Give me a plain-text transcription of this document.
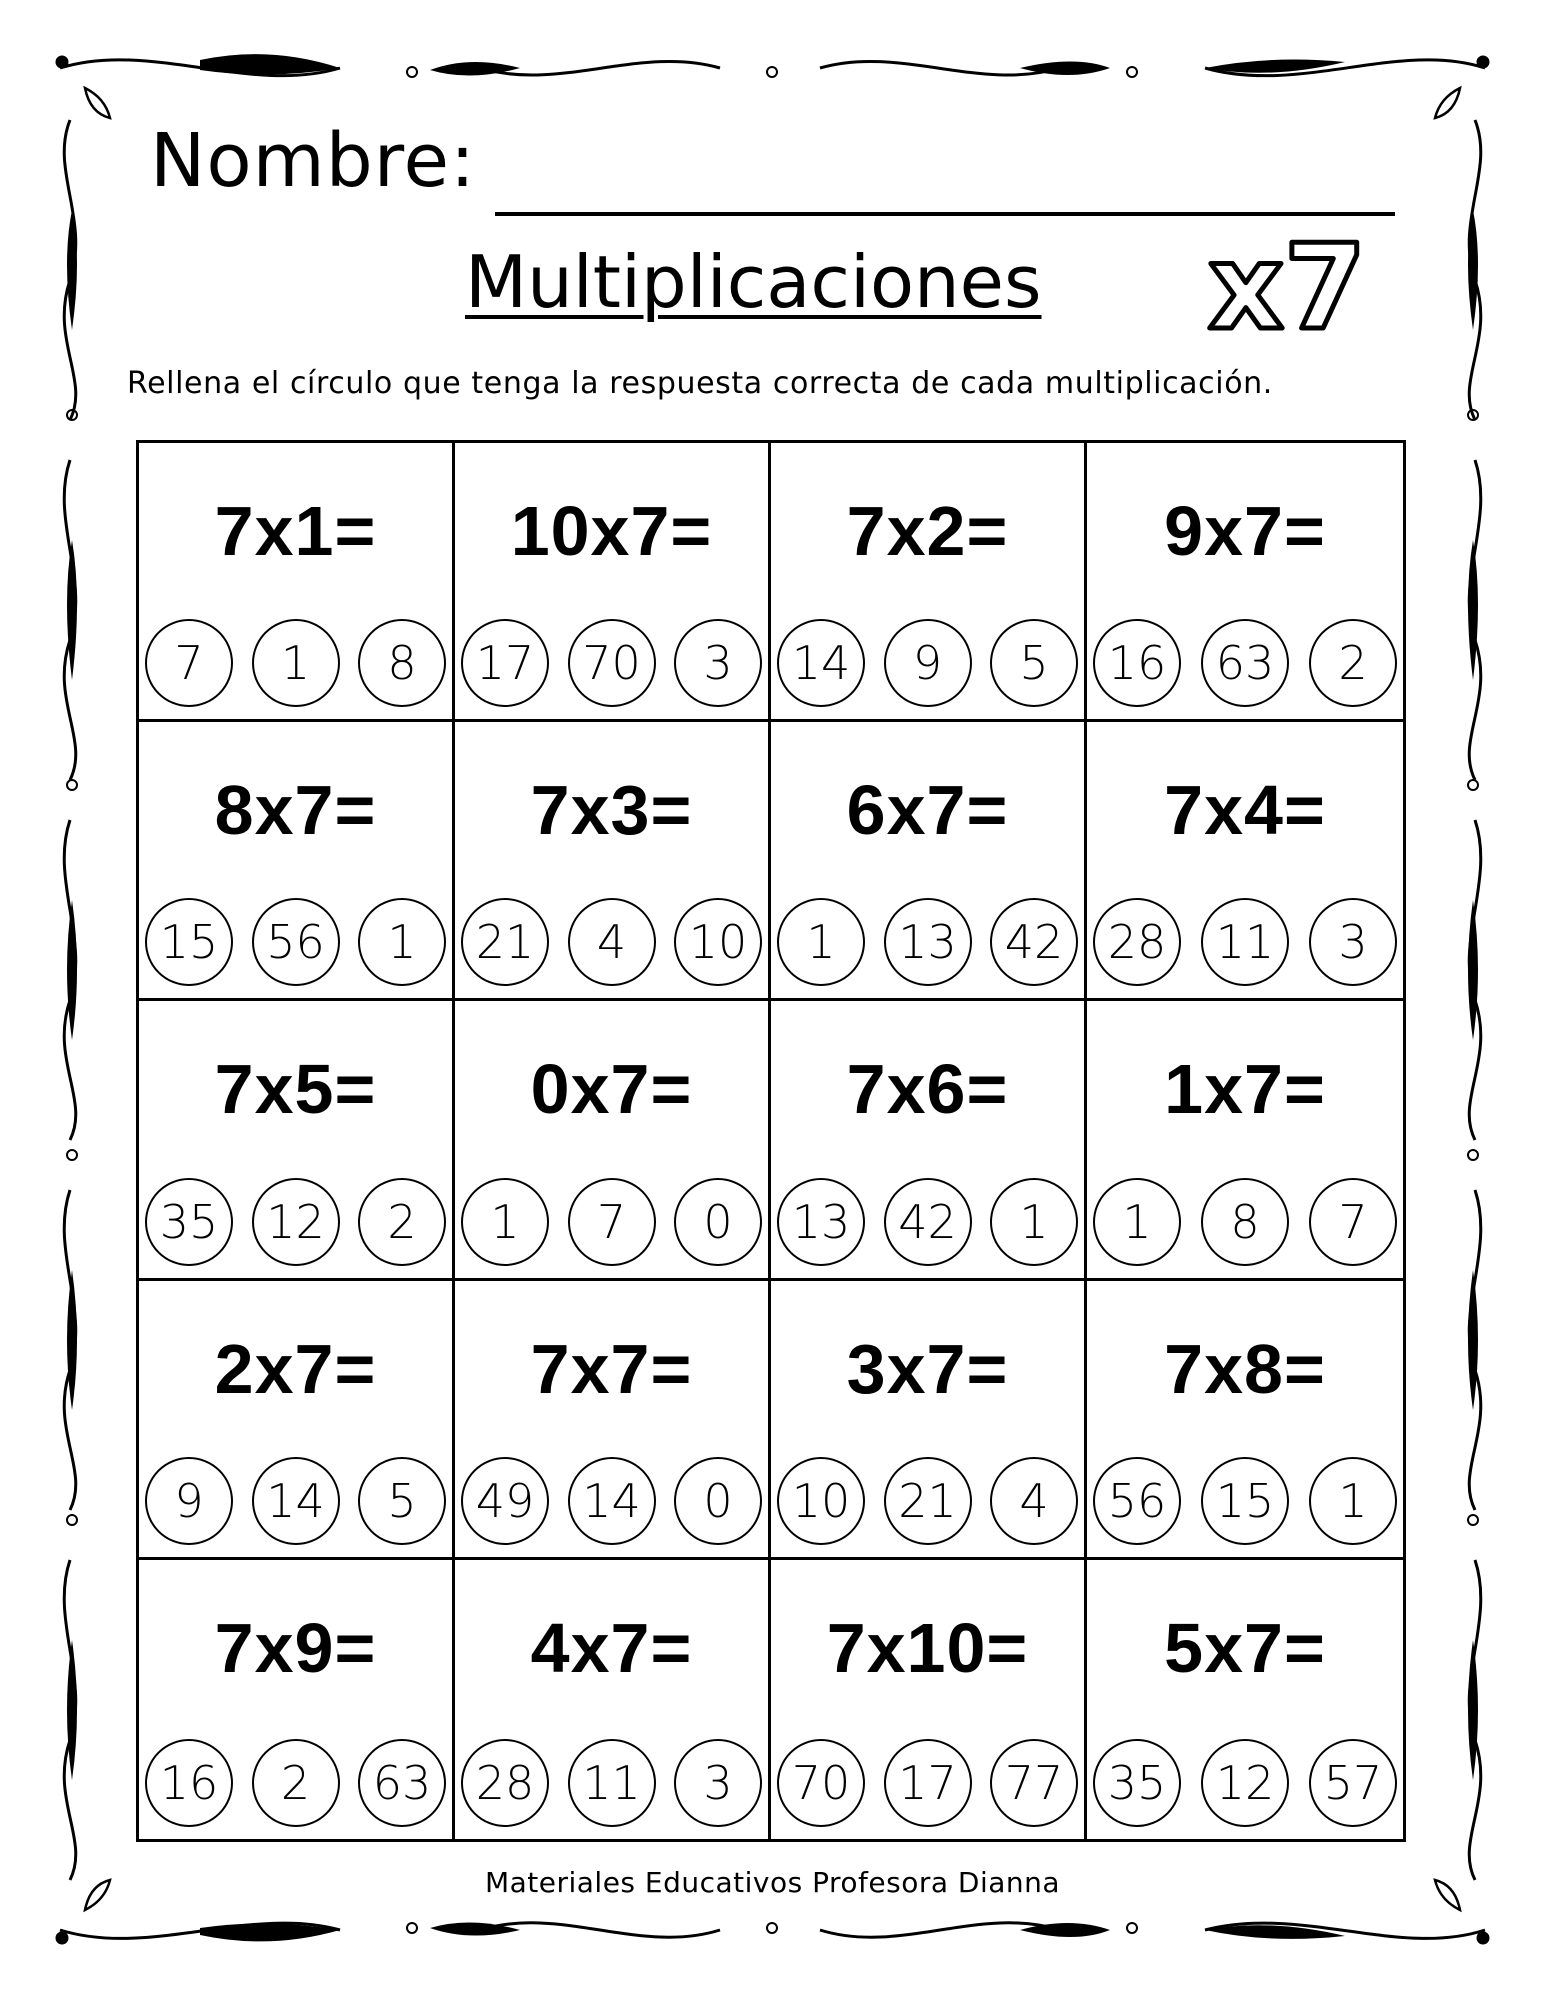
Nombre:
Multiplicaciones x7
Rellena el círculo que tenga la respuesta correcta de cada multiplicación.
7x1=
7	1	8
10x7=
17	70	3
7x2=
14	9	5
9x7=
16	63	2
8x7=
15	56	1
7x3=
21	4	10
6x7=
1	13	42
7x4=
28	11	3
7x5=
35	12	2
0x7=
1	7	0
7x6=
13	42	1
1x7=
1	8	7
2x7=
9	14	5
7x7=
49	14	0
3x7=
10	21	4
7x8=
56	15	1
7x9=
16	2	63
4x7=
28	11	3
7x10=
70	17	77
5x7=
35	12	57
Materiales Educativos Profesora Dianna
